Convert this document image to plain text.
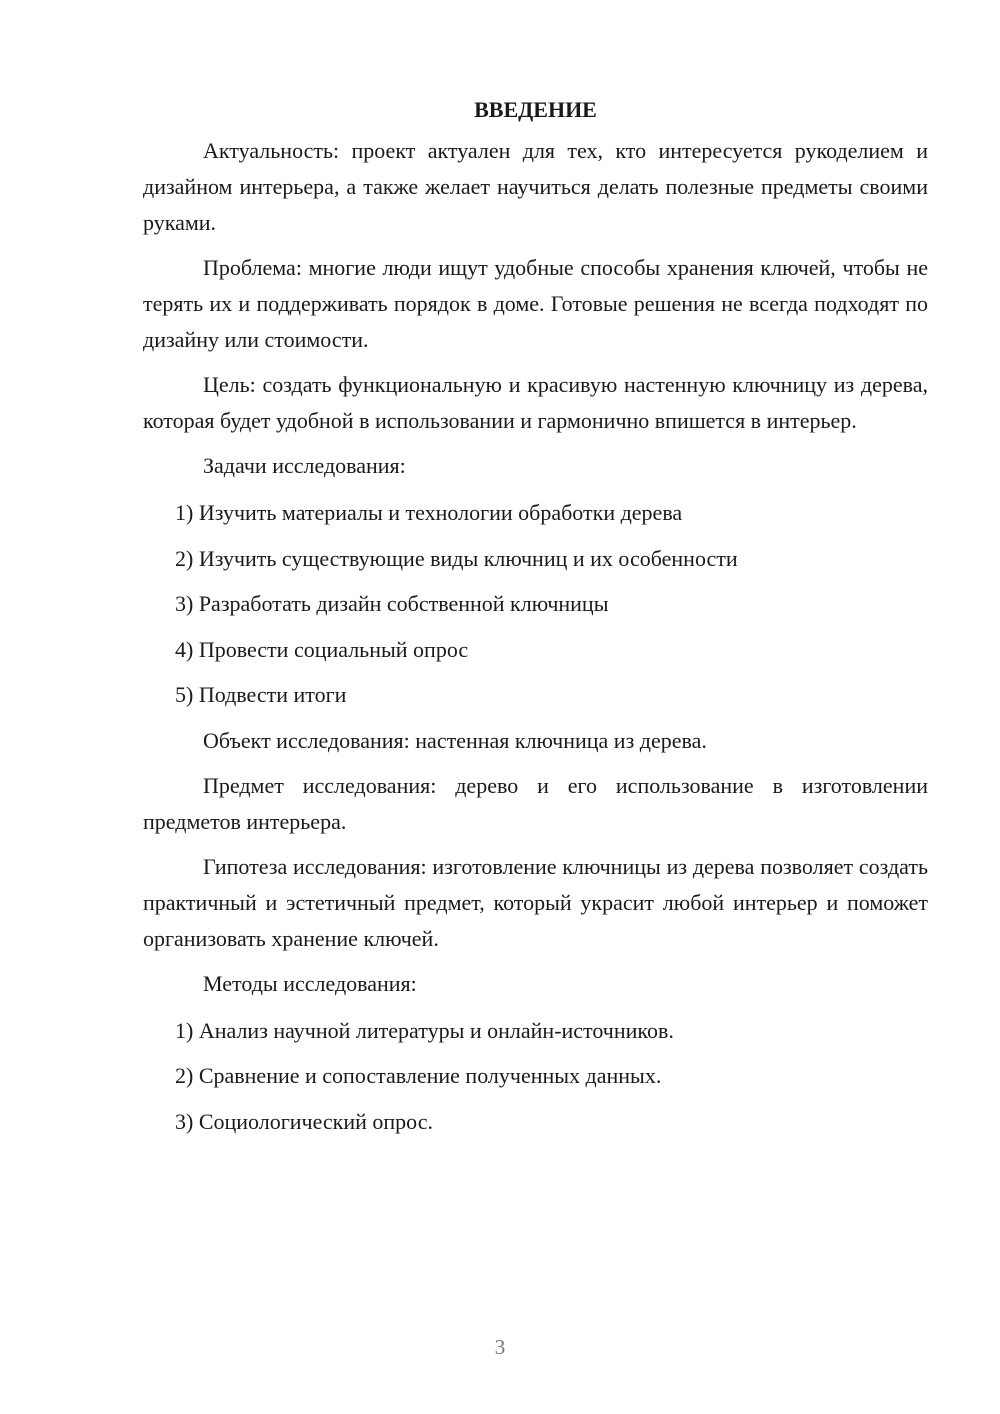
ВВЕДЕНИЕ

Актуальность: проект актуален для тех, кто интересуется рукоделием и дизайном интерьера, а также желает научиться делать полезные предметы своими руками.

Проблема: многие люди ищут удобные способы хранения ключей, чтобы не терять их и поддерживать порядок в доме. Готовые решения не всегда подходят по дизайну или стоимости.

Цель: создать функциональную и красивую настенную ключницу из дерева, которая будет удобной в использовании и гармонично впишется в интерьер.

Задачи исследования:

1) Изучить материалы и технологии обработки дерева
2) Изучить существующие виды ключниц и их особенности
3) Разработать дизайн собственной ключницы
4) Провести социальный опрос
5) Подвести итоги

Объект исследования: настенная ключница из дерева.

Предмет исследования: дерево и его использование в изготовлении предметов интерьера.

Гипотеза исследования: изготовление ключницы из дерева позволяет создать практичный и эстетичный предмет, который украсит любой интерьер и поможет организовать хранение ключей.

Методы исследования:

1) Анализ научной литературы и онлайн-источников.
2) Сравнение и сопоставление полученных данных.
3) Социологический опрос.
3
